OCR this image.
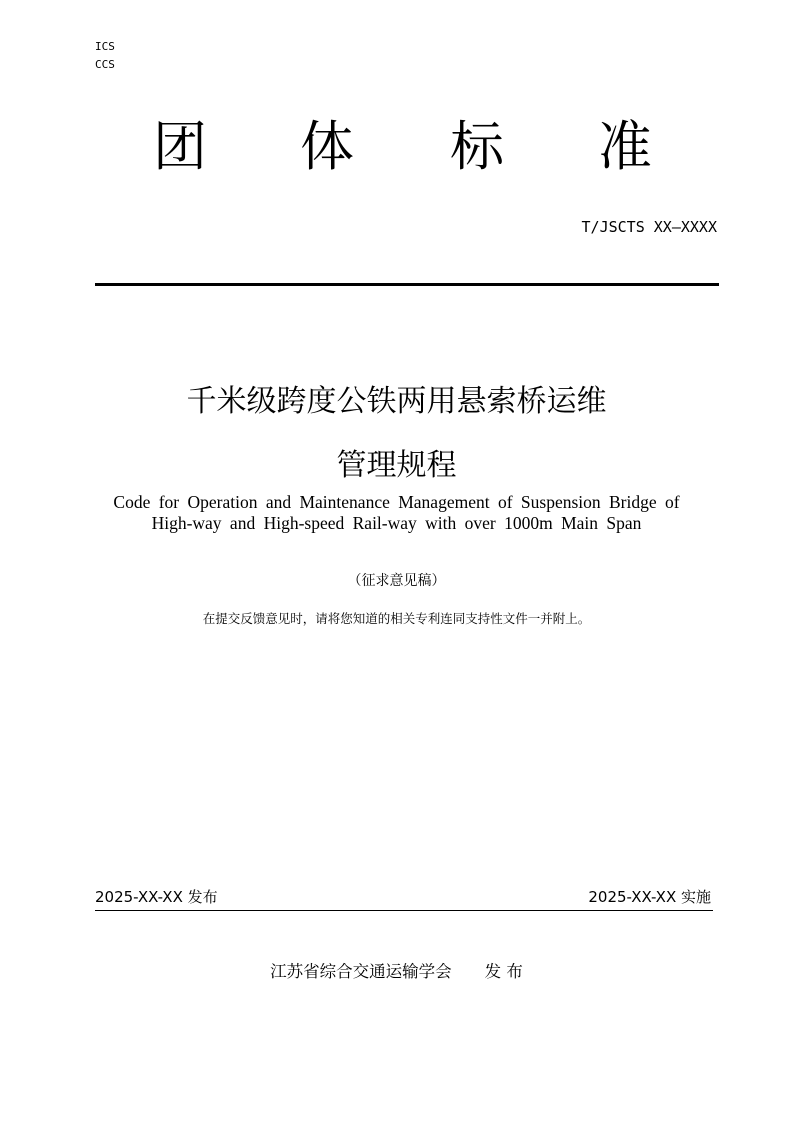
ICS
CCS
团 体 标 准
T/JSCTS XX—XXXX
千米级跨度公铁两用悬索桥运维
管理规程
Code for Operation and Maintenance Management of Suspension Bridge of
High-way and High-speed Rail-way with over 1000m Main Span
（征求意见稿）
在提交反馈意见时，请将您知道的相关专利连同支持性文件一并附上。
2025-XX-XX 发布	2025-XX-XX 实施
江苏省综合交通运输学会　　发 布
